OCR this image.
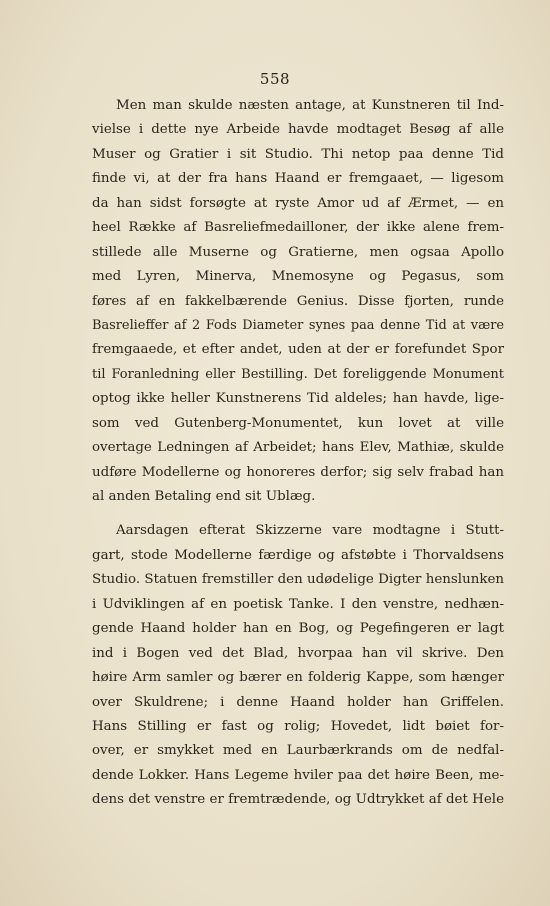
558
Men man skulde næsten antage, at Kunstneren til Ind-
vielse i dette nye Arbeide havde modtaget Besøg af alle
Muser og Gratier i sit Studio. Thi netop paa denne Tid
finde vi, at der fra hans Haand er fremgaaet, — ligesom
da han sidst forsøgte at ryste Amor ud af Ærmet, — en
heel Række af Basreliefmedailloner, der ikke alene frem-
stillede alle Muserne og Gratierne, men ogsaa Apollo
med Lyren, Minerva, Mnemosyne og Pegasus, som
føres af en fakkelbærende Genius. Disse fjorten, runde
Basrelieffer af 2 Fods Diameter synes paa denne Tid at være
fremgaaede, et efter andet, uden at der er forefundet Spor
til Foranledning eller Bestilling. Det foreliggende Monument
optog ikke heller Kunstnerens Tid aldeles; han havde, lige-
som ved Gutenberg-Monumentet, kun lovet at ville
overtage Ledningen af Arbeidet; hans Elev, Mathiæ, skulde
udføre Modellerne og honoreres derfor; sig selv frabad han
al anden Betaling end sit Ublæg.
Aarsdagen efterat Skizzerne vare modtagne i Stutt-
gart, stode Modellerne færdige og afstøbte i Thorvaldsens
Studio. Statuen fremstiller den udødelige Digter henslunken
i Udviklingen af en poetisk Tanke. I den venstre, nedhæn-
gende Haand holder han en Bog, og Pegefingeren er lagt
ind i Bogen ved det Blad, hvorpaa han vil skrive. Den
høire Arm samler og bærer en folderig Kappe, som hænger
over Skuldrene; i denne Haand holder han Griffelen.
Hans Stilling er fast og rolig; Hovedet, lidt bøiet for-
over, er smykket med en Laurbærkrands om de nedfal-
dende Lokker. Hans Legeme hviler paa det høire Been, me-
dens det venstre er fremtrædende, og Udtrykket af det Hele
